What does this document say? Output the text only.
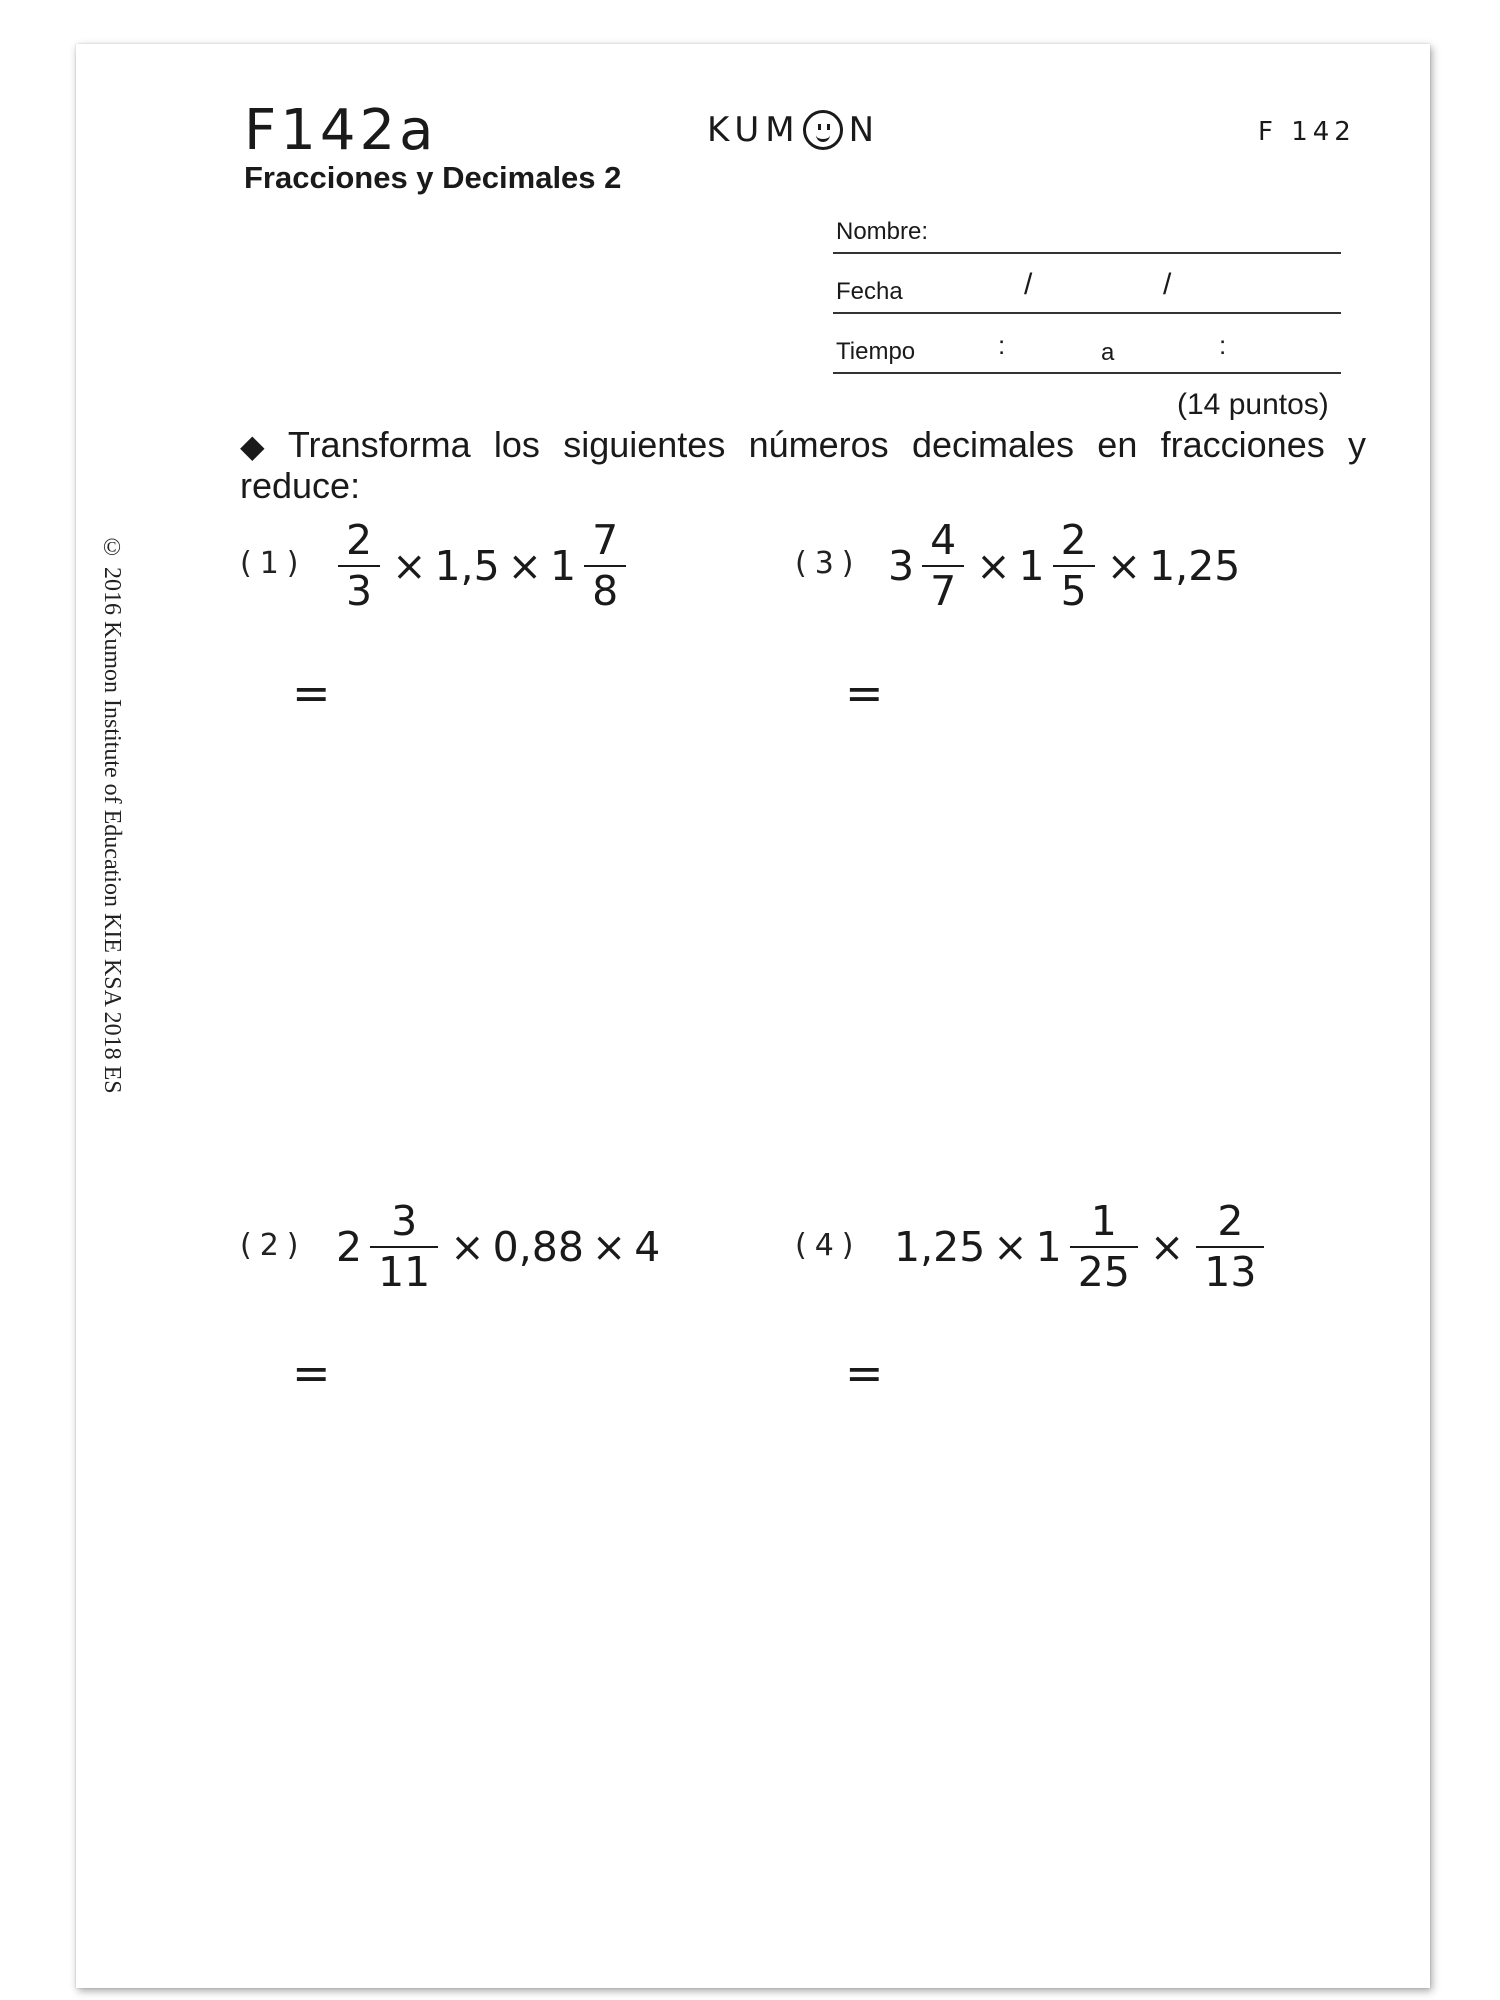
F142a
Fracciones y Decimales 2
KUM N	F 142
Nombre:
Fecha	/	/
Tiempo	:	a	:
(14 puntos)
◆ Transforma los siguientes números decimales en fracciones y reduce:
© 2016 Kumon Institute of Education KIE KSA 2018 ES	$(1) \frac{2}{3} \times 1,5 \times 1 \frac{7}{8}$
=
(3) $3 \frac{4}{7} \times 1 \frac{2}{5} \times 1,25$
=
(2) $2 \frac{3}{11} \times 0,88 \times 4$
=
(4) $1,25 \times 1 \frac{1}{25} \times \frac{2}{13}$
=
